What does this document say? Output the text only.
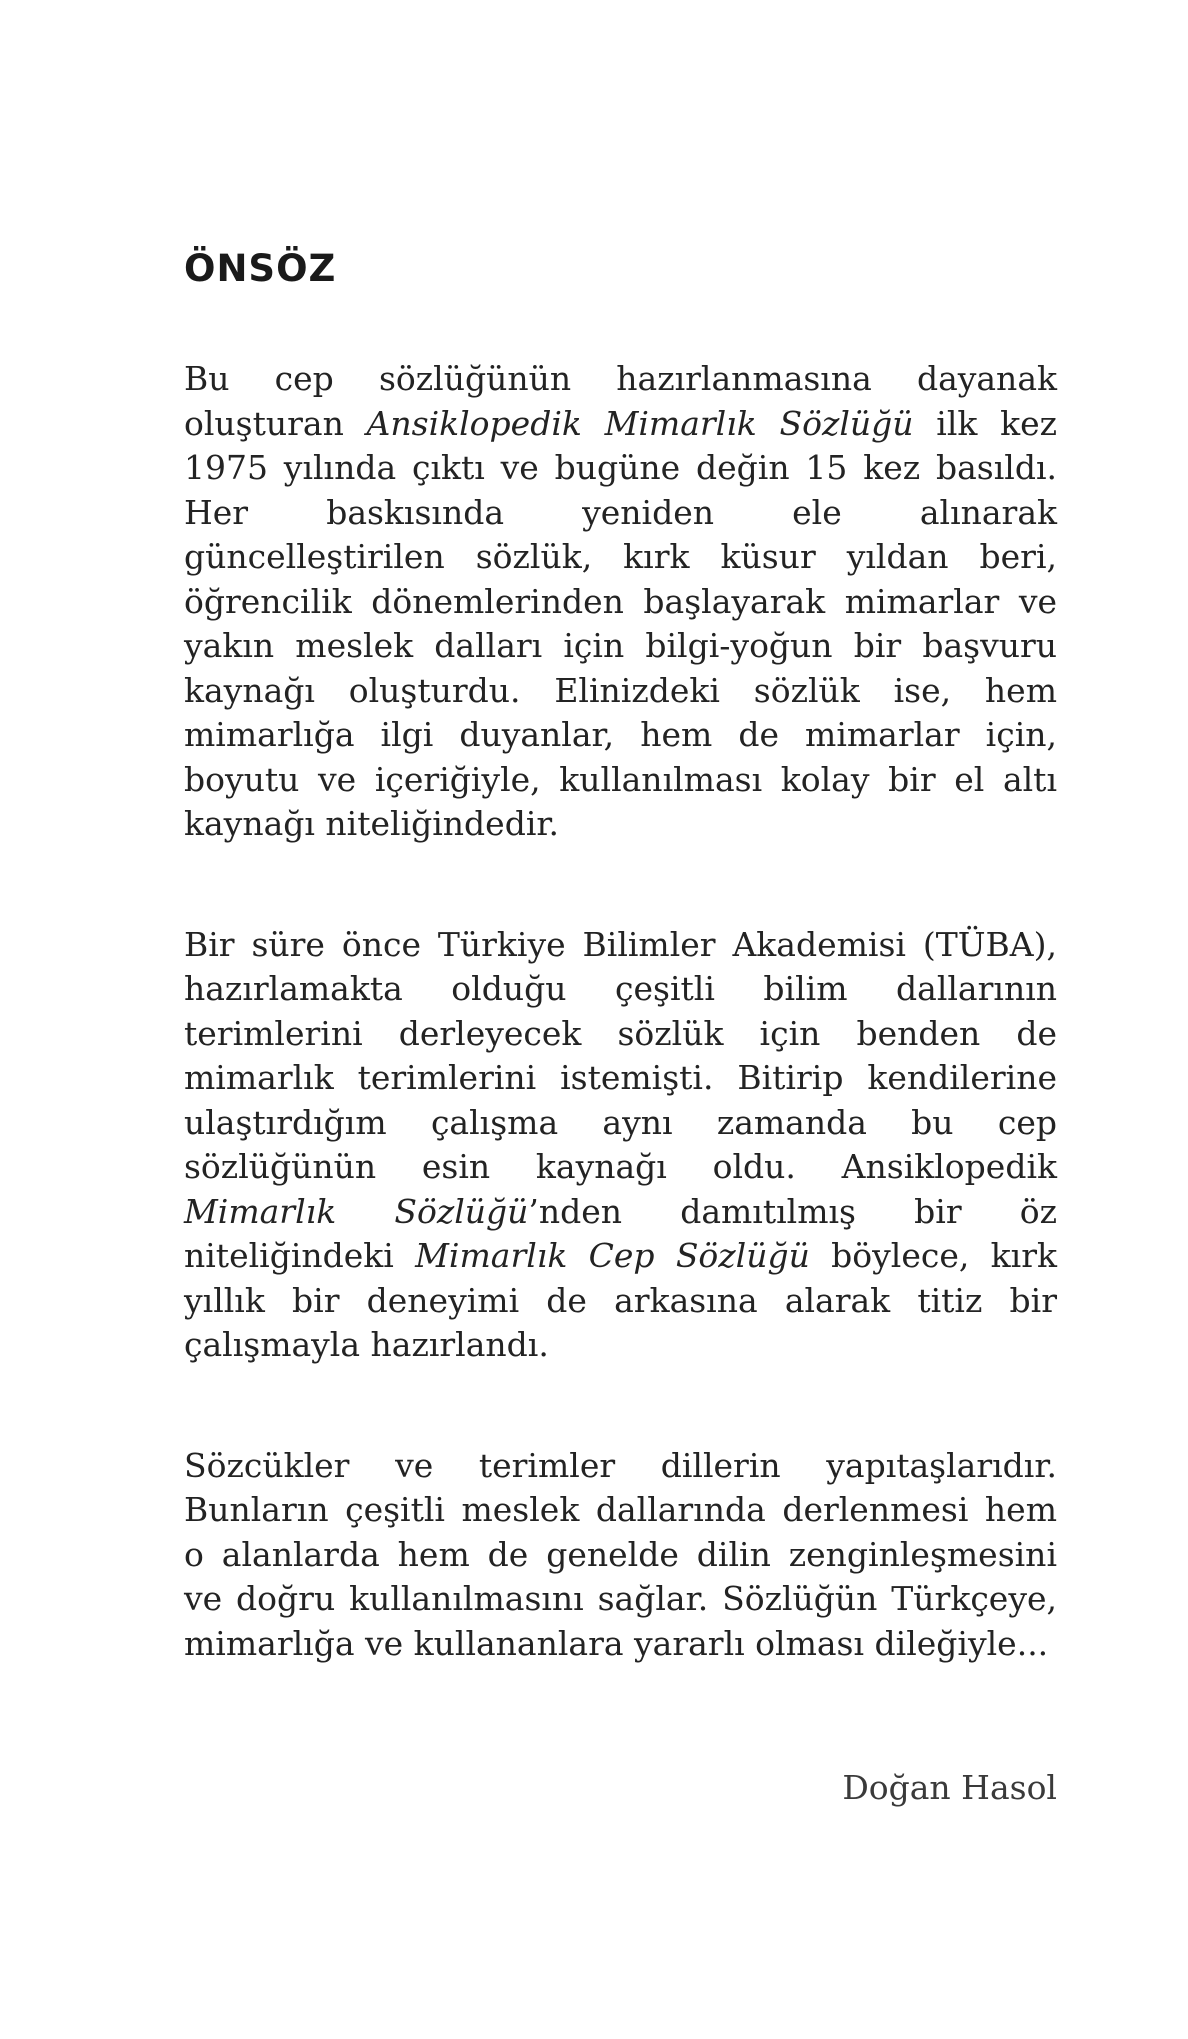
ÖNSÖZ

Bu cep sözlüğünün hazırlanmasına dayanak oluşturan Ansiklopedik Mimarlık Sözlüğü ilk kez 1975 yılında çıktı ve bugüne değin 15 kez basıldı. Her baskısında yeniden ele alınarak güncelleştirilen sözlük, kırk küsur yıldan beri, öğrencilik dönemlerinden başlayarak mimarlar ve yakın meslek dalları için bilgi-yoğun bir başvuru kaynağı oluşturdu. Elinizdeki sözlük ise, hem mimarlığa ilgi duyanlar, hem de mimarlar için, boyutu ve içeriğiyle, kullanılması kolay bir el altı kaynağı niteliğindedir.

Bir süre önce Türkiye Bilimler Akademisi (TÜBA), hazırlamakta olduğu çeşitli bilim dallarının terimlerini derleyecek sözlük için benden de mimarlık terimlerini istemişti. Bitirip kendilerine ulaştırdığım çalışma aynı zamanda bu cep sözlüğünün esin kaynağı oldu. Ansiklopedik Mimarlık Sözlüğü’nden damıtılmış bir öz niteliğindeki Mimarlık Cep Sözlüğü böylece, kırk yıllık bir deneyimi de arkasına alarak titiz bir çalışmayla hazırlandı.

Sözcükler ve terimler dillerin yapıtaşlarıdır. Bunların çeşitli meslek dallarında derlenmesi hem o alanlarda hem de genelde dilin zenginleşmesini ve doğru kullanılmasını sağlar. Sözlüğün Türkçeye, mimarlığa ve kullananlara yararlı olması dileğiyle...

Doğan Hasol
